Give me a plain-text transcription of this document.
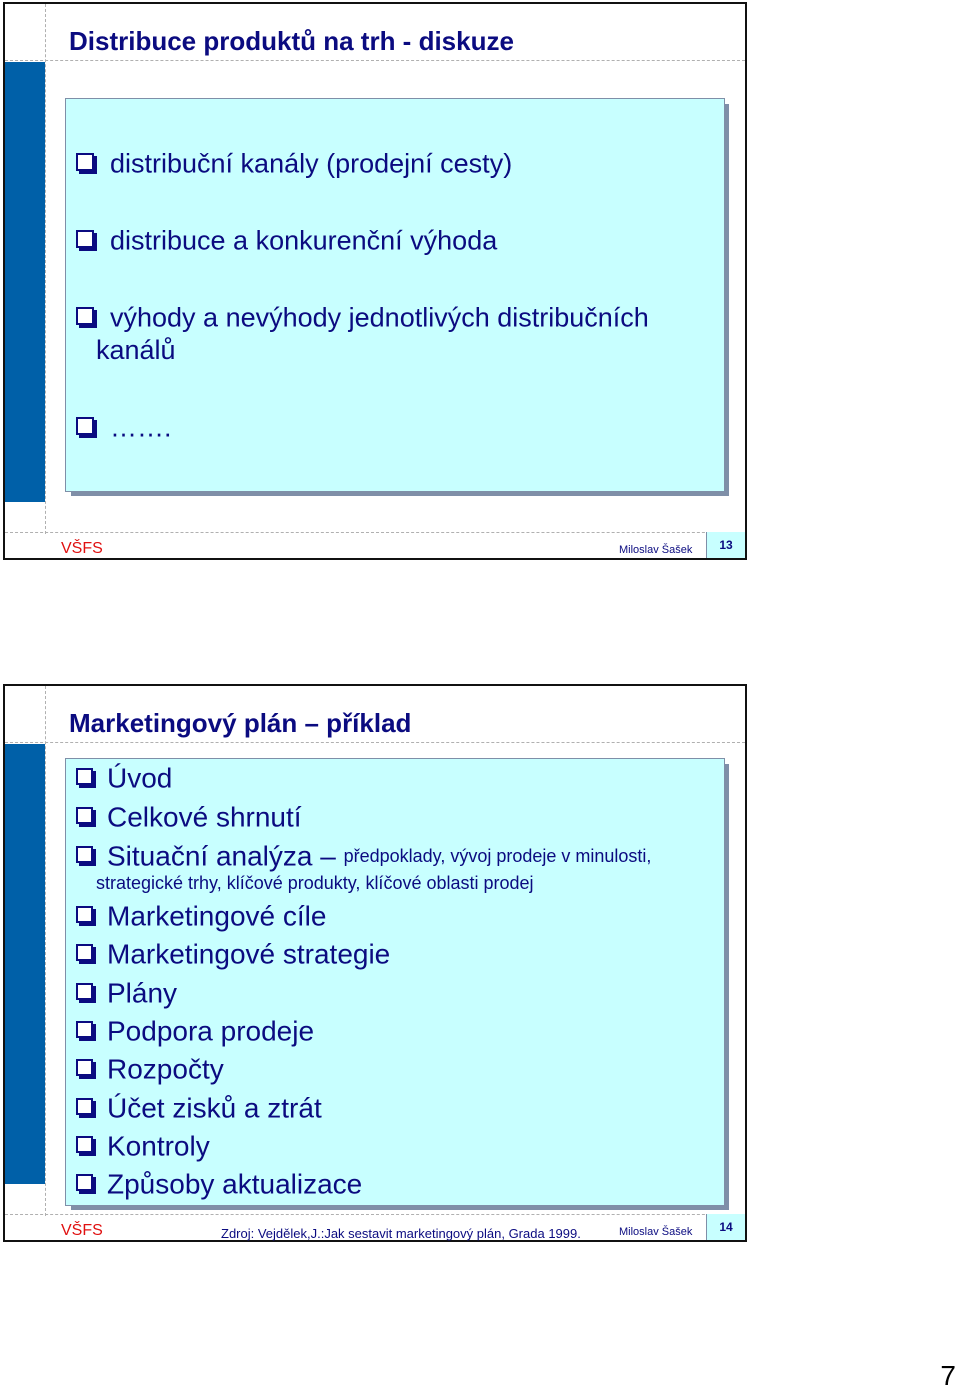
Distribuce produktů na trh - diskuze
distribuční kanály (prodejní cesty)
distribuce a konkurenční výhoda
výhody a nevýhody jednotlivých distribučních
kanálů
…….
VŠFS	Miloslav Šašek	13
Marketingový plán – příklad
Úvod
Celkové shrnutí
Situační analýza – předpoklady, vývoj prodeje v minulosti,
strategické trhy, klíčové produkty, klíčové oblasti prodej
Marketingové cíle
Marketingové strategie
Plány
Podpora prodeje
Rozpočty
Účet zisků a ztrát
Kontroly
Způsoby aktualizace
VŠFS	Zdroj: Vejdělek,J.:Jak sestavit marketingový plán, Grada 1999.	Miloslav Šašek	14
7
